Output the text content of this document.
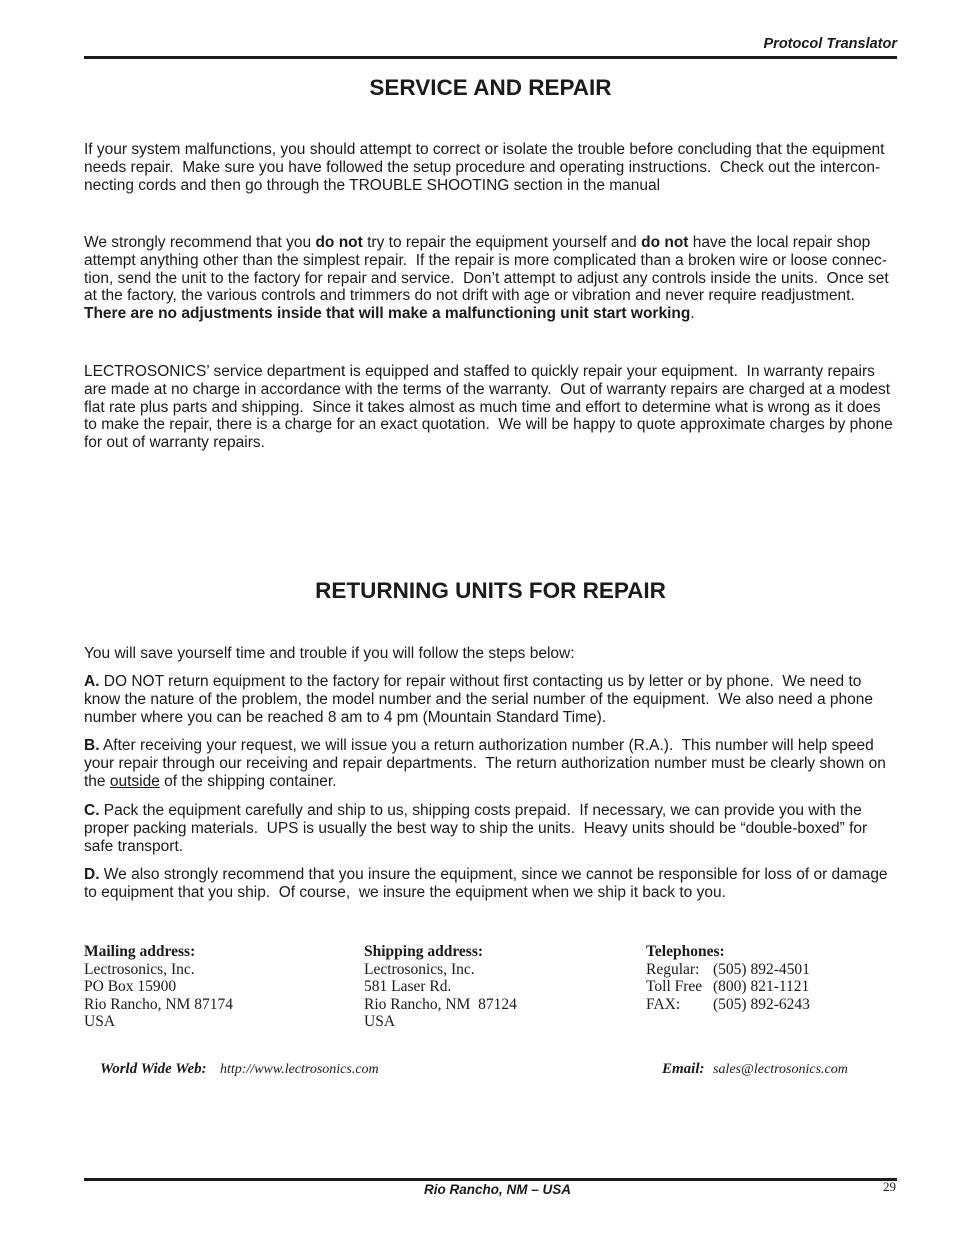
Protocol Translator
SERVICE AND REPAIR
If your system malfunctions, you should attempt to correct or isolate the trouble before concluding that the equipment
needs repair.  Make sure you have followed the setup procedure and operating instructions.  Check out the intercon-
necting cords and then go through the TROUBLE SHOOTING section in the manual
We strongly recommend that you do not try to repair the equipment yourself and do not have the local repair shop
attempt anything other than the simplest repair.  If the repair is more complicated than a broken wire or loose connec-
tion, send the unit to the factory for repair and service.  Don’t attempt to adjust any controls inside the units.  Once set
at the factory, the various controls and trimmers do not drift with age or vibration and never require readjustment.
There are no adjustments inside that will make a malfunctioning unit start working .
LECTROSONICS’ service department is equipped and staffed to quickly repair your equipment.  In warranty repairs
are made at no charge in accordance with the terms of the warranty.  Out of warranty repairs are charged at a modest
flat rate plus parts and shipping.  Since it takes almost as much time and effort to determine what is wrong as it does
to make the repair, there is a charge for an exact quotation.  We will be happy to quote approximate charges by phone
for out of warranty repairs.
RETURNING UNITS FOR REPAIR
You will save yourself time and trouble if you will follow the steps below:
A. DO NOT return equipment to the factory for repair without first contacting us by letter or by phone.  We need to
know the nature of the problem, the model number and the serial number of the equipment.  We also need a phone
number where you can be reached 8 am to 4 pm (Mountain Standard Time).
B. After receiving your request, we will issue you a return authorization number (R.A.).  This number will help speed
your repair through our receiving and repair departments.  The return authorization number must be clearly shown on
the outside of the shipping container.
C. Pack the equipment carefully and ship to us, shipping costs prepaid.  If necessary, we can provide you with the
proper packing materials.  UPS is usually the best way to ship the units.  Heavy units should be “double-boxed” for
safe transport.
D. We also strongly recommend that you insure the equipment, since we cannot be responsible for loss of or damage
to equipment that you ship.  Of course,  we insure the equipment when we ship it back to you.
Mailing address:
Lectrosonics, Inc.
PO Box 15900
Rio Rancho, NM 87174
USA
Shipping address:
Lectrosonics, Inc.
581 Laser Rd.
Rio Rancho, NM  87124
USA
Telephones:
Regular: (505) 892-4501
Toll Free (800) 821-1121
FAX: (505) 892-6243

World Wide Web:
http://www.lectrosonics.com
	Email:
sales@lectrosonics.com

Rio Rancho, NM – USA	29
